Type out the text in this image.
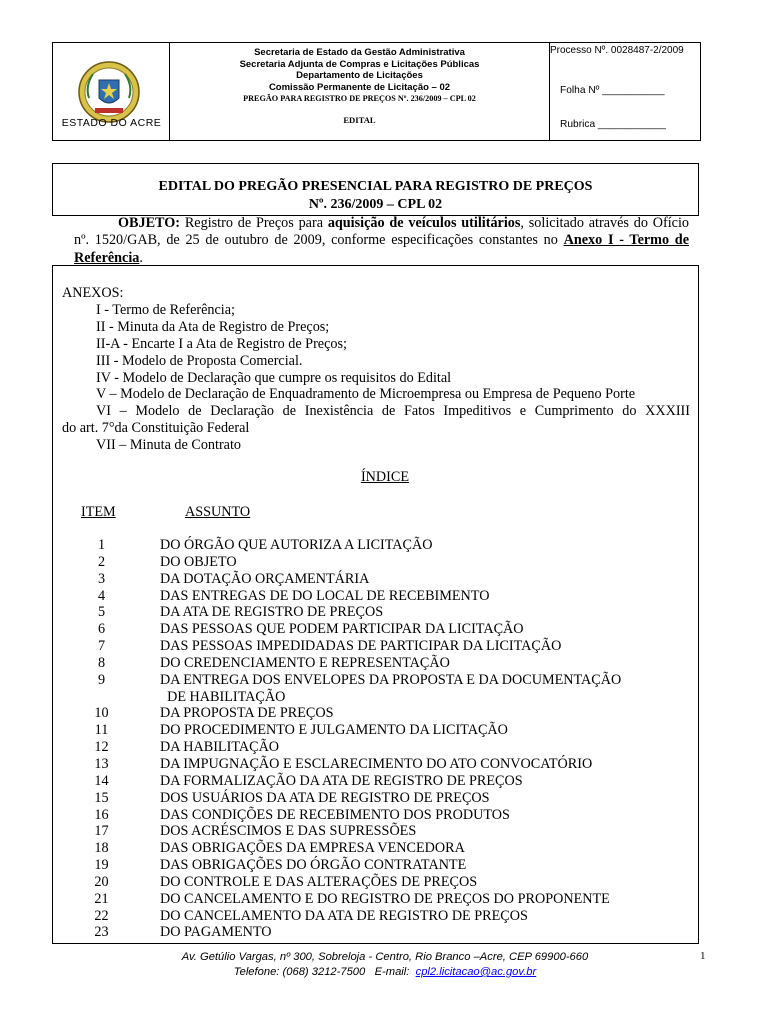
ESTADO DO ACRE
Secretaria de Estado da Gestão Administrativa
Secretaria Adjunta de Compras e Licitações Públicas
Departamento de Licitações
Comissão Permanente de Licitação – 02
PREGÃO PARA REGISTRO DE PREÇOS Nº. 236/2009 – CPL 02
EDITAL
Processo Nº. 0028487-2/2009
Folha Nº ___________
Rubrica ____________
EDITAL DO PREGÃO PRESENCIAL PARA REGISTRO DE PREÇOS
Nº. 236/2009 – CPL 02
OBJETO: Registro de Preços para aquisição de veículos utilitários, solicitado através do Ofício nº. 1520/GAB, de 25 de outubro de 2009, conforme especificações constantes no Anexo I - Termo de Referência.
ANEXOS:
I - Termo de Referência;
II - Minuta da Ata de Registro de Preços;
II-A - Encarte I a Ata de Registro de Preços;
III - Modelo de Proposta Comercial.
IV - Modelo de Declaração que cumpre os requisitos do Edital
V – Modelo de Declaração de Enquadramento de Microempresa ou Empresa de Pequeno Porte
VI – Modelo de Declaração de Inexistência de Fatos Impeditivos e Cumprimento do XXXIII
do art. 7°da Constituição Federal
VII – Minuta de Contrato
ÍNDICE
ITEM	ASSUNTO
1	DO ÓRGÃO QUE AUTORIZA A LICITAÇÃO
2	DO OBJETO
3	DA DOTAÇÃO ORÇAMENTÁRIA
4	DAS ENTREGAS DE DO LOCAL DE RECEBIMENTO
5	DA ATA DE REGISTRO DE PREÇOS
6	DAS PESSOAS QUE PODEM PARTICIPAR DA LICITAÇÃO
7	DAS PESSOAS IMPEDIDADAS DE PARTICIPAR DA LICITAÇÃO
8	DO CREDENCIAMENTO E REPRESENTAÇÃO
9	DA ENTREGA DOS ENVELOPES DA PROPOSTA E DA DOCUMENTAÇÃO
DE HABILITAÇÃO
10	DA PROPOSTA DE PREÇOS
11	DO PROCEDIMENTO E JULGAMENTO DA LICITAÇÃO
12	DA HABILITAÇÃO
13	DA IMPUGNAÇÃO E ESCLARECIMENTO DO ATO CONVOCATÓRIO
14	DA FORMALIZAÇÃO DA ATA DE REGISTRO DE PREÇOS
15	DOS USUÁRIOS DA ATA DE REGISTRO DE PREÇOS
16	DAS CONDIÇÕES DE RECEBIMENTO DOS PRODUTOS
17	DOS ACRÉSCIMOS E DAS SUPRESSÕES
18	DAS OBRIGAÇÕES DA EMPRESA VENCEDORA
19	DAS OBRIGAÇÕES DO ÓRGÃO CONTRATANTE
20	DO CONTROLE E DAS ALTERAÇÕES DE PREÇOS
21	DO CANCELAMENTO E DO REGISTRO DE PREÇOS DO PROPONENTE
22	DO CANCELAMENTO DA ATA DE REGISTRO DE PREÇOS
23	DO PAGAMENTO
Av. Getúlio Vargas, nº 300, Sobreloja - Centro, Rio Branco –Acre, CEP 69900-660
Telefone: (068) 3212-7500   E-mail:  cpl2.licitacao@ac.gov.br
1
